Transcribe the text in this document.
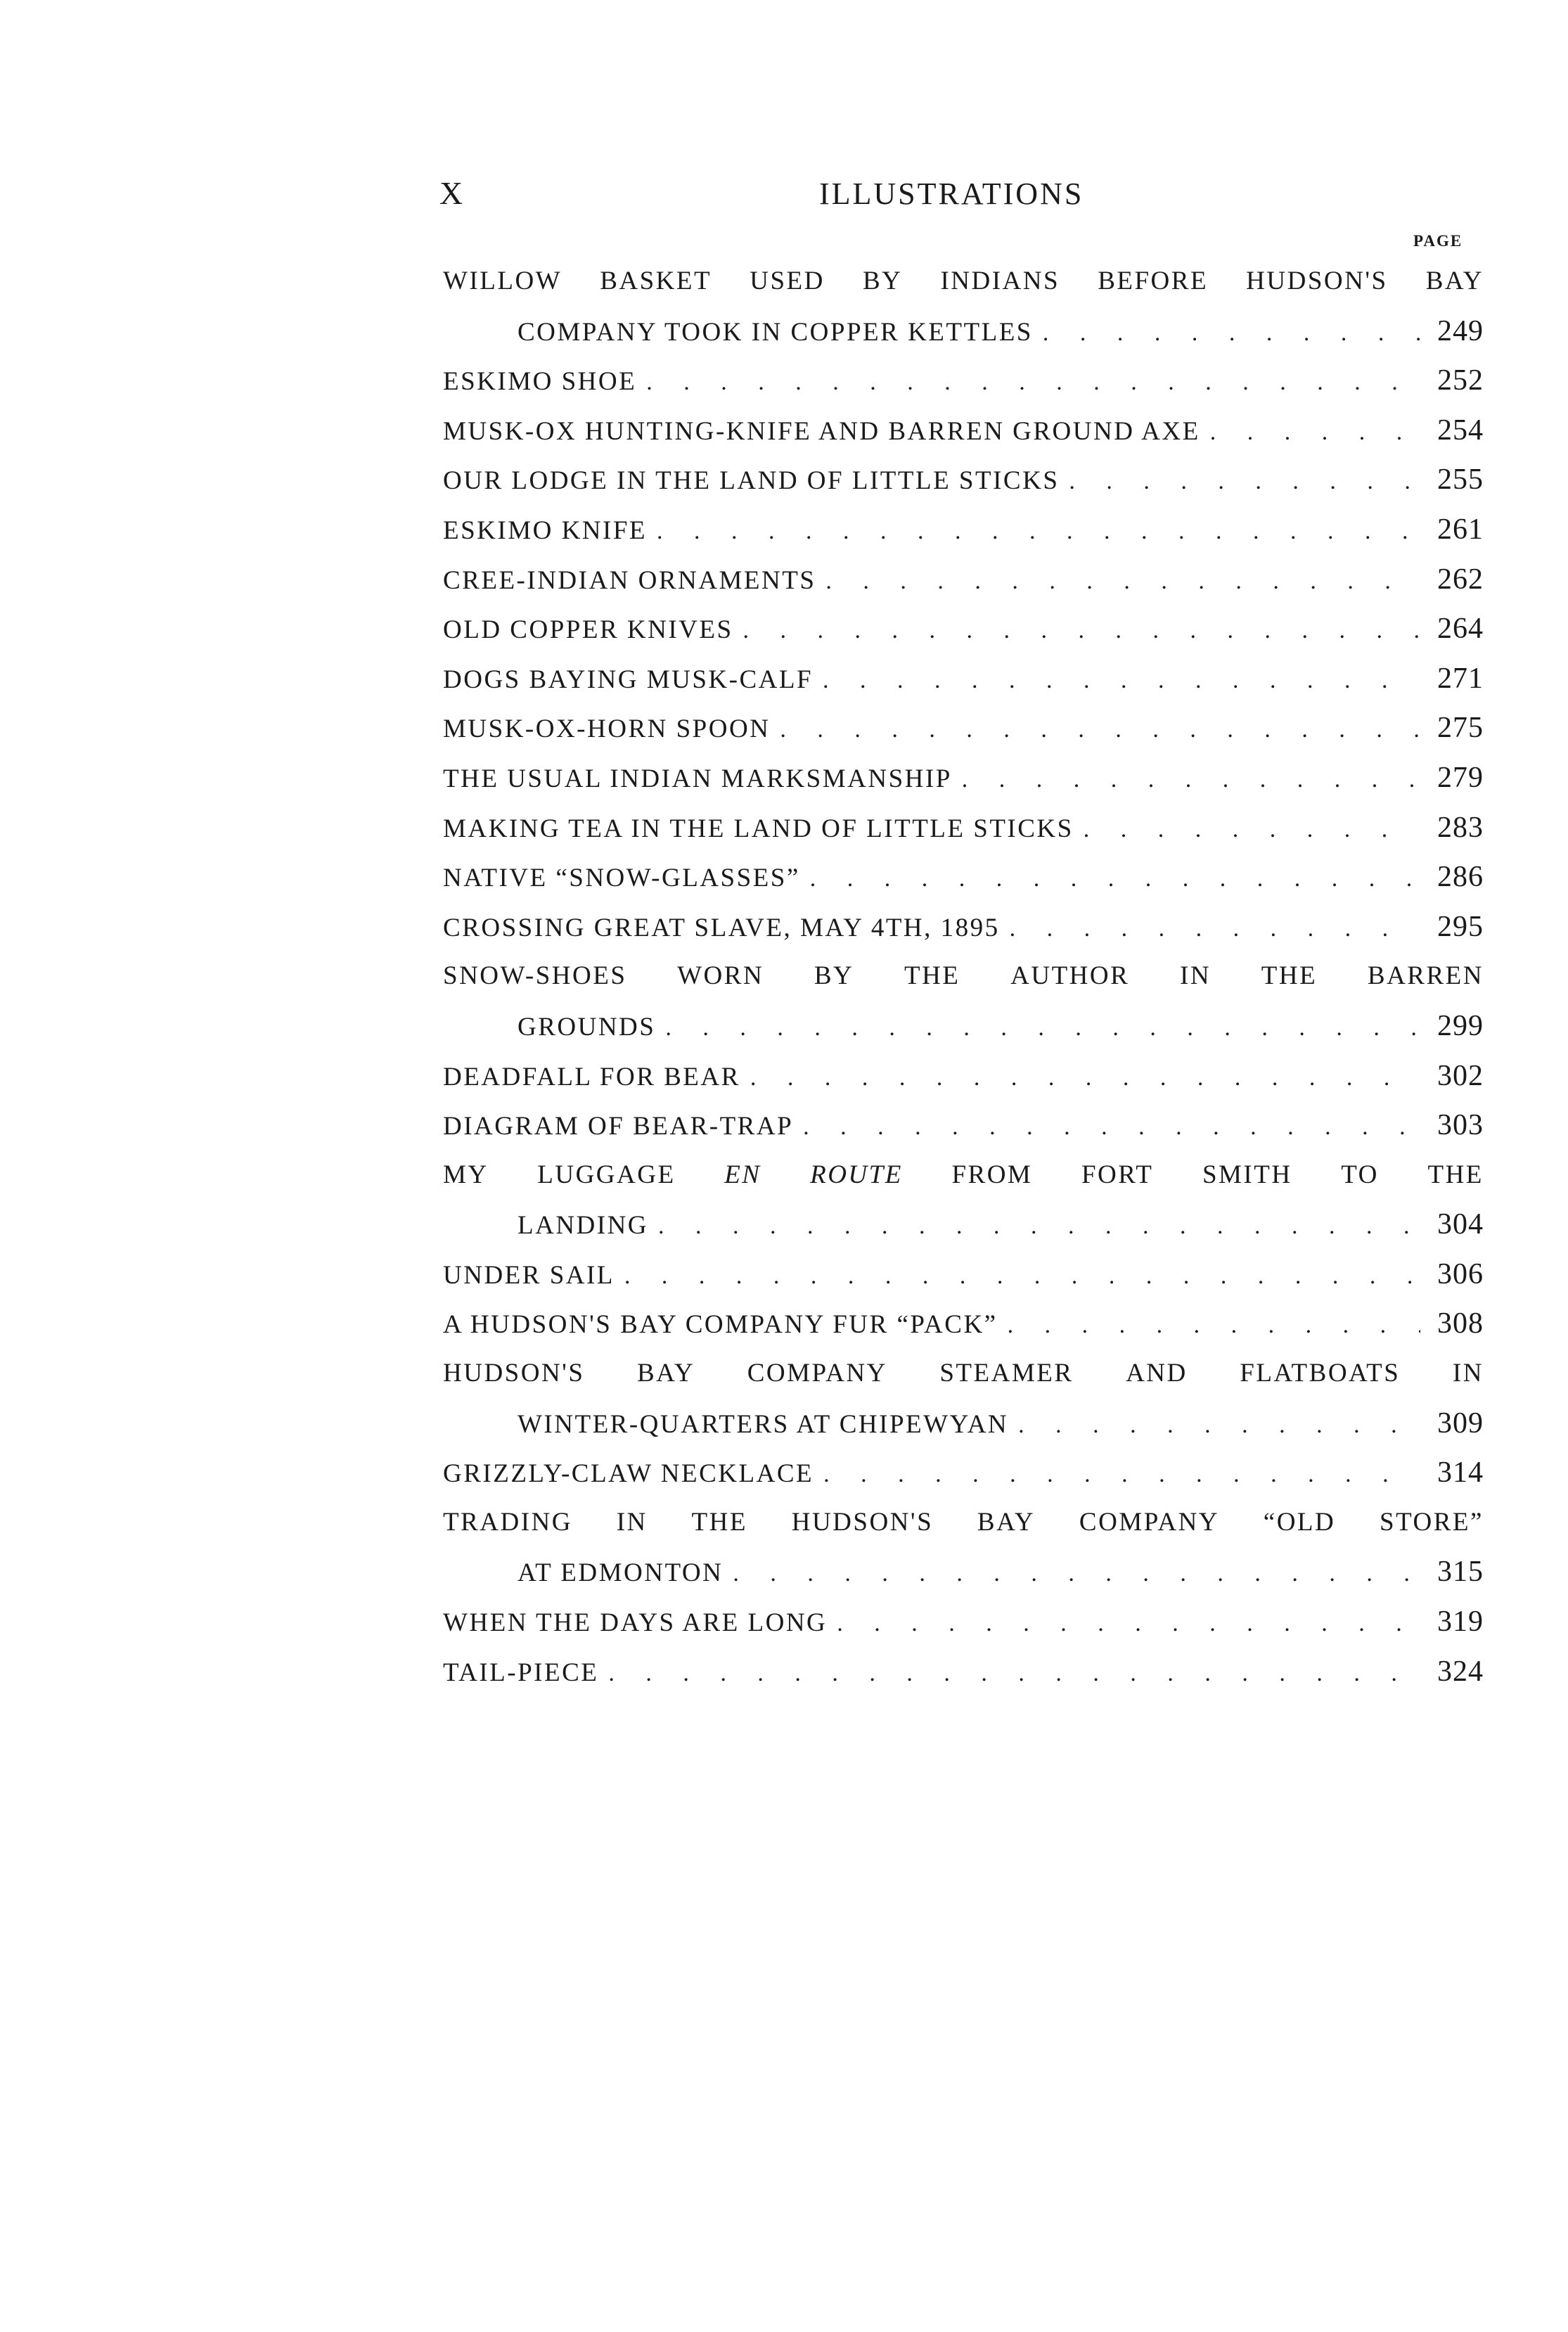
X	ILLUSTRATIONS
PAGE
WILLOW BASKET USED BY INDIANS BEFORE HUDSON'S BAY
COMPANY TOOK IN COPPER KETTLES . . .	249
ESKIMO SHOE . . .	252
MUSK-OX HUNTING-KNIFE AND BARREN GROUND AXE . . .	254
OUR LODGE IN THE LAND OF LITTLE STICKS . . .	255
ESKIMO KNIFE . . .	261
CREE-INDIAN ORNAMENTS . . .	262
OLD COPPER KNIVES . . .	264
DOGS BAYING MUSK-CALF . . .	271
MUSK-OX-HORN SPOON . . .	275
THE USUAL INDIAN MARKSMANSHIP . . .	279
MAKING TEA IN THE LAND OF LITTLE STICKS . . .	283
NATIVE “SNOW-GLASSES” . . .	286
CROSSING GREAT SLAVE, MAY 4TH, 1895 . . .	295
SNOW-SHOES WORN BY THE AUTHOR IN THE BARREN
GROUNDS . . .	299
DEADFALL FOR BEAR . . .	302
DIAGRAM OF BEAR-TRAP . . .	303
MY LUGGAGE EN ROUTE FROM FORT SMITH TO THE
LANDING . . .	304
UNDER SAIL . . .	306
A HUDSON'S BAY COMPANY FUR “PACK” . . .	308
HUDSON'S BAY COMPANY STEAMER AND FLATBOATS IN
WINTER-QUARTERS AT CHIPEWYAN . . .	309
GRIZZLY-CLAW NECKLACE . . .	314
TRADING IN THE HUDSON'S BAY COMPANY “OLD STORE”
AT EDMONTON . . .	315
WHEN THE DAYS ARE LONG . . .	319
TAIL-PIECE . . .	324
